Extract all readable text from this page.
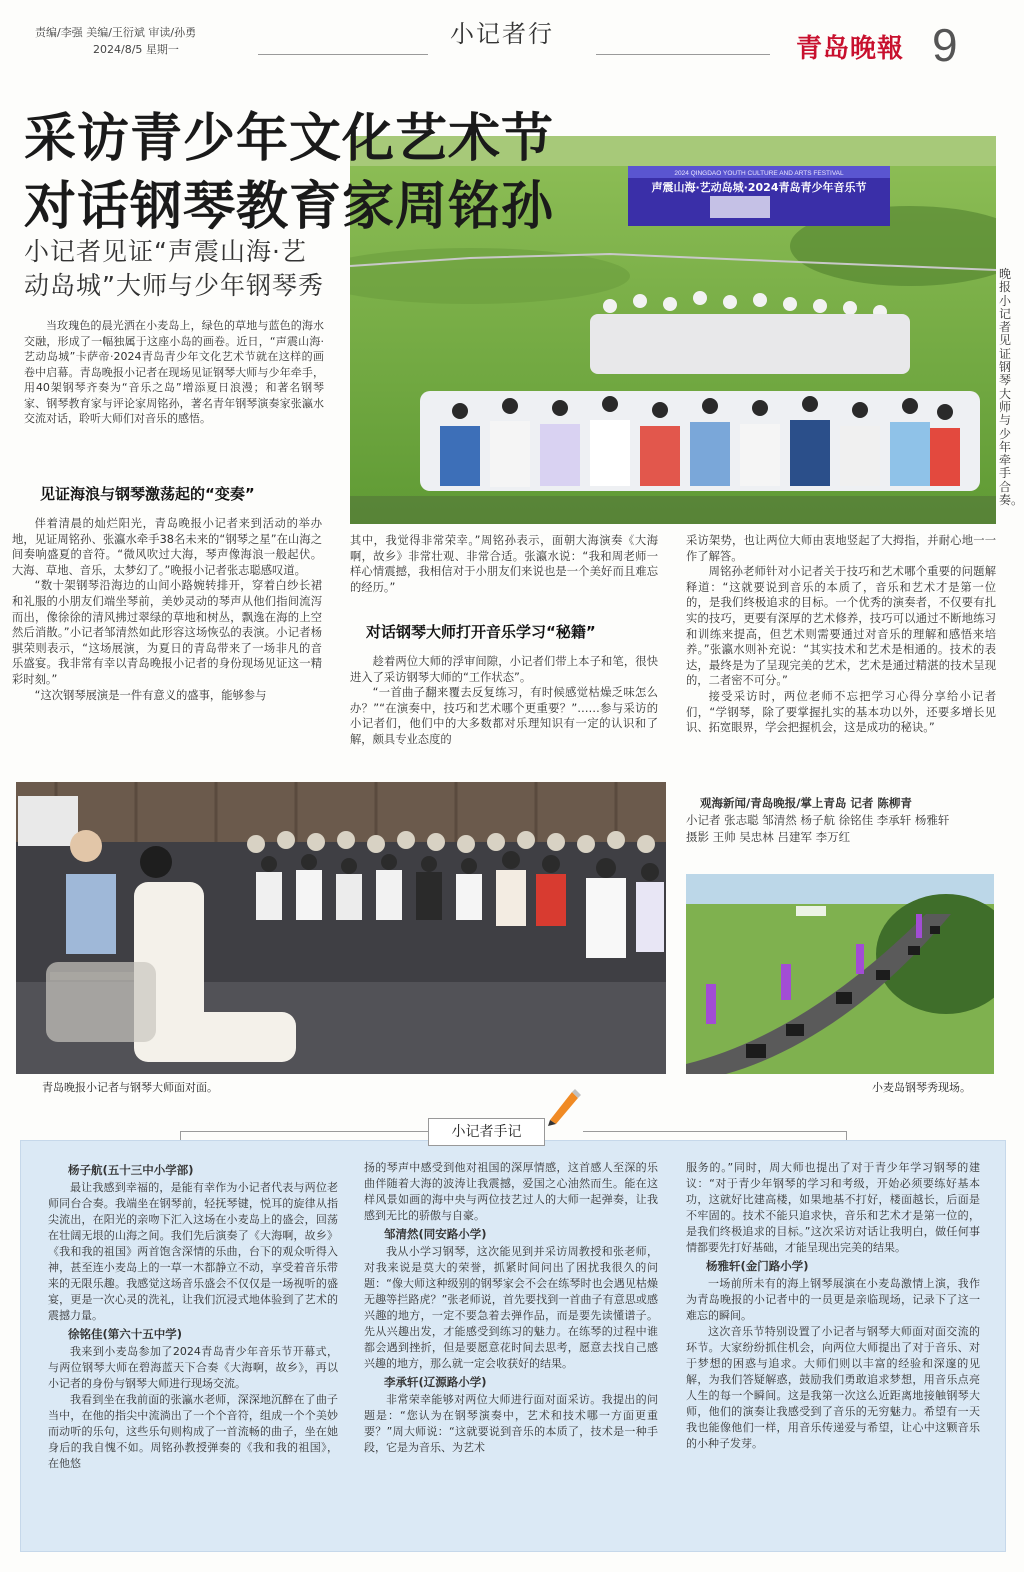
责编/李强 美编/王衍斌 审读/孙勇
2024/8/5 星期一
小记者行	青岛晚報 9
2024 QINGDAO YOUTH CULTURE AND ARTS FESTIVAL
声震山海·艺动岛城·2024青岛青少年音乐节
晚报小记者见证钢琴大师与少年牵手合奏。
采访青少年文化艺术节
对话钢琴教育家周铭孙
小记者见证“声震山海·艺
动岛城”大师与少年钢琴秀

当玫瑰色的晨光洒在小麦岛上，绿色的草地与蓝色的海水交融，形成了一幅独属于这座小岛的画卷。近日，“声震山海·艺动岛城”卡萨帝·2024青岛青少年文化艺术节就在这样的画卷中启幕。青岛晚报小记者在现场见证钢琴大师与少年牵手，用40架钢琴齐奏为“音乐之岛”增添夏日浪漫；和著名钢琴家、钢琴教育家与评论家周铭孙，著名青年钢琴演奏家张瀛水交流对话，聆听大师们对音乐的感悟。

见证海浪与钢琴激荡起的“变奏”

伴着清晨的灿烂阳光，青岛晚报小记者来到活动的举办地，见证周铭孙、张瀛水牵手38名未来的“钢琴之星”在山海之间奏响盛夏的音符。“微风吹过大海，琴声像海浪一般起伏。大海、草地、音乐，太梦幻了。”晚报小记者张志聪感叹道。

“数十架钢琴沿海边的山间小路婉转排开，穿着白纱长裙和礼服的小朋友们端坐琴前，美妙灵动的琴声从他们指间流泻而出，像徐徐的清风拂过翠绿的草地和树丛，飘逸在海的上空然后消散。”小记者邹清然如此形容这场恢弘的表演。小记者杨骐荣则表示，“这场展演，为夏日的青岛带来了一场非凡的音乐盛宴。我非常有幸以青岛晚报小记者的身份现场见证这一精彩时刻。”

“这次钢琴展演是一件有意义的盛事，能够参与

其中，我觉得非常荣幸。”周铭孙表示，面朝大海演奏《大海啊，故乡》非常壮观、非常合适。张瀛水说：“我和周老师一样心情震撼，我相信对于小朋友们来说也是一个美好而且难忘的经历。”

对话钢琴大师打开音乐学习“秘籍”

趁着两位大师的浮审间隙，小记者们带上本子和笔，很快进入了采访钢琴大师的“工作状态”。

“一首曲子翻来覆去反复练习，有时候感觉枯燥乏味怎么办？”“在演奏中，技巧和艺术哪个更重要？”……参与采访的小记者们，他们中的大多数都对乐理知识有一定的认识和了解，颇具专业态度的

采访架势，也让两位大师由衷地竖起了大拇指，并耐心地一一作了解答。

周铭孙老师针对小记者关于技巧和艺术哪个重要的问题解释道：“这就要说到音乐的本质了，音乐和艺术才是第一位的，是我们终极追求的目标。一个优秀的演奏者，不仅要有扎实的技巧，更要有深厚的艺术修养，技巧可以通过不断地练习和训练来提高，但艺术则需要通过对音乐的理解和感悟来培养。”张瀛水则补充说：“其实技术和艺术是相通的。技术的表达，最终是为了呈现完美的艺术，艺术是通过精湛的技术呈现的，二者密不可分。”

接受采访时，两位老师不忘把学习心得分享给小记者们，“学钢琴，除了要掌握扎实的基本功以外，还要多增长见识、拓宽眼界，学会把握机会，这是成功的秘诀。”

观海新闻/青岛晚报/掌上青岛 记者 陈柳青
小记者 张志聪 邹清然 杨子航 徐铭佳 李承轩 杨雅轩
摄影 王帅 吴忠林 吕建军 李万红
青岛晚报小记者与钢琴大师面对面。	小麦岛钢琴秀现场。
小记者手记
杨子航(五十三中小学部)

最让我感到幸福的，是能有幸作为小记者代表与两位老师同台合奏。我端坐在钢琴前，轻抚琴键，悦耳的旋律从指尖流出，在阳光的亲吻下汇入这场在小麦岛上的盛会，回荡在壮阔无垠的山海之间。我们先后演奏了《大海啊，故乡》《我和我的祖国》两首饱含深情的乐曲，台下的观众听得入神，甚至连小麦岛上的一草一木都静立不动，享受着音乐带来的无限乐趣。我感觉这场音乐盛会不仅仅是一场视听的盛宴，更是一次心灵的洗礼，让我们沉浸式地体验到了艺术的震撼力量。

徐铭佳(第六十五中学)

我来到小麦岛参加了2024青岛青少年音乐节开幕式，与两位钢琴大师在碧海蓝天下合奏《大海啊，故乡》，再以小记者的身份与钢琴大师进行现场交流。

我看到坐在我前面的张瀛水老师，深深地沉醉在了曲子当中，在他的指尖中流淌出了一个个音符，组成一个个美妙而动听的乐句，这些乐句则构成了一首流畅的曲子，坐在她身后的我自愧不如。周铭孙教授弹奏的《我和我的祖国》，在他悠

扬的琴声中感受到他对祖国的深厚情感，这首感人至深的乐曲伴随着大海的波涛让我震撼，爱国之心油然而生。能在这样风景如画的海中央与两位技艺过人的大师一起弹奏，让我感到无比的骄傲与自豪。

邹清然(同安路小学)

我从小学习钢琴，这次能见到并采访周教授和张老师，对我来说是莫大的荣誉，抓紧时间问出了困扰我很久的问题：“像大师这种级别的钢琴家会不会在练琴时也会遇见枯燥无趣等拦路虎？”张老师说，首先要找到一首曲子有意思或感兴趣的地方，一定不要急着去弹作品，而是要先读懂谱子。先从兴趣出发，才能感受到练习的魅力。在练琴的过程中谁都会遇到挫折，但是要愿意花时间去思考，愿意去找自己感兴趣的地方，那么就一定会收获好的结果。

李承轩(辽源路小学)

非常荣幸能够对两位大师进行面对面采访。我提出的问题是：“您认为在钢琴演奏中，艺术和技术哪一方面更重要？”周大师说：“这就要说到音乐的本质了，技术是一种手段，它是为音乐、为艺术

服务的。”同时，周大师也提出了对于青少年学习钢琴的建议：“对于青少年钢琴的学习和考级，开始必须要练好基本功，这就好比建高楼，如果地基不打好，楼面越长，后面是不牢固的。技术不能只追求快，音乐和艺术才是第一位的，是我们终极追求的目标。”这次采访对话让我明白，做任何事情都要先打好基础，才能呈现出完美的结果。

杨雅轩(金门路小学)

一场前所未有的海上钢琴展演在小麦岛激情上演，我作为青岛晚报的小记者中的一员更是亲临现场，记录下了这一难忘的瞬间。

这次音乐节特别设置了小记者与钢琴大师面对面交流的环节。大家纷纷抓住机会，向两位大师提出了对于音乐、对于梦想的困惑与追求。大师们则以丰富的经验和深邃的见解，为我们答疑解惑，鼓励我们勇敢追求梦想，用音乐点亮人生的每一个瞬间。这是我第一次这么近距离地接触钢琴大师，他们的演奏让我感受到了音乐的无穷魅力。希望有一天我也能像他们一样，用音乐传递爱与希望，让心中这颗音乐的小种子发芽。
